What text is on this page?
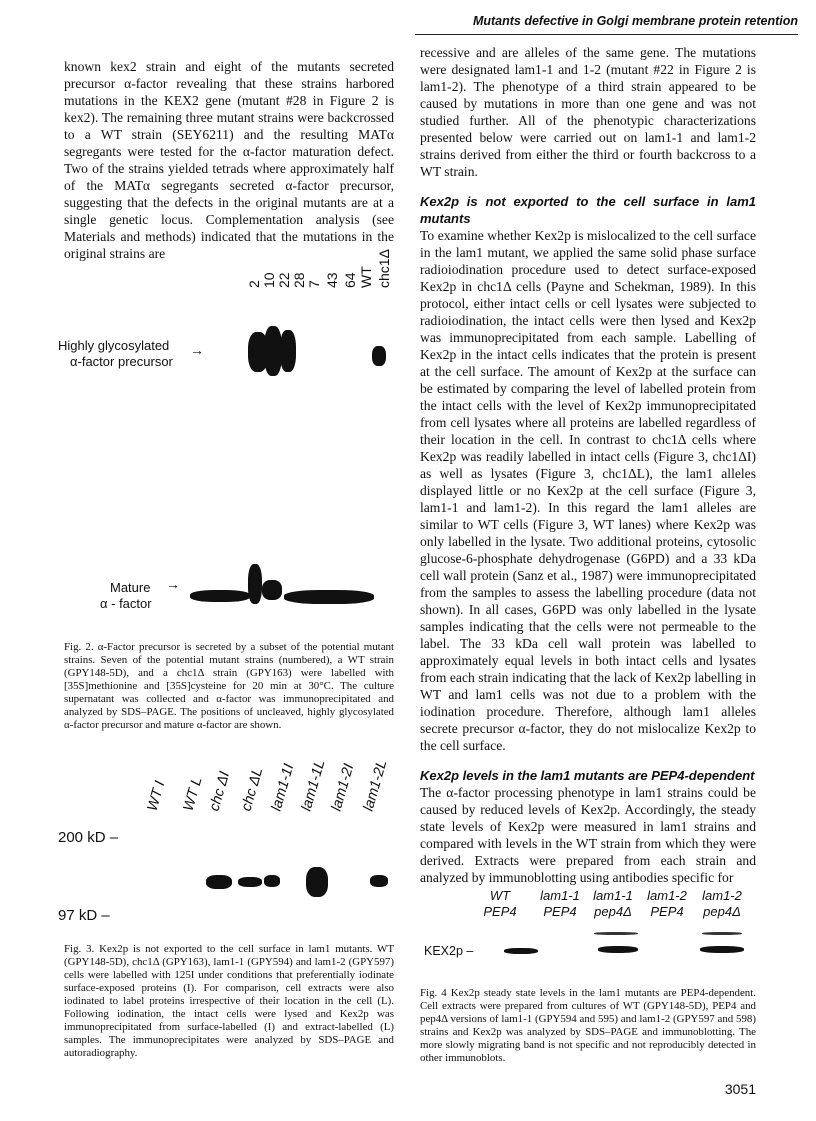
Mutants defective in Golgi membrane protein retention

known kex2 strain and eight of the mutants secreted precursor α-factor revealing that these strains harbored mutations in the KEX2 gene (mutant #28 in Figure 2 is kex2). The remaining three mutant strains were backcrossed to a WT strain (SEY6211) and the resulting MATα segregants were tested for the α-factor maturation defect. Two of the strains yielded tetrads where approximately half of the MATα segregants secreted α-factor precursor, suggesting that the defects in the original mutants are at a single genetic locus. Complementation analysis (see Materials and methods) indicated that the mutations in the original strains are

2 10 22 28 7 43 64 WT chc1Δ
Highly glycosylated
α-factor precursor
→
Mature
α - factor
→
Fig. 2. α-Factor precursor is secreted by a subset of the potential mutant strains. Seven of the potential mutant strains (numbered), a WT strain (GPY148-5D), and a chc1Δ strain (GPY163) were labelled with [35S]methionine and [35S]cysteine for 20 min at 30°C. The culture supernatant was collected and α-factor was immunoprecipitated and analyzed by SDS–PAGE. The positions of uncleaved, highly glycosylated α-factor precursor and mature α-factor are shown.
WT I WT L chc ΔI chc ΔL lam1-1I lam1-1L lam1-2I lam1-2L
200 kD –
97 kD –
Fig. 3. Kex2p is not exported to the cell surface in lam1 mutants. WT (GPY148-5D), chc1Δ (GPY163), lam1-1 (GPY594) and lam1-2 (GPY597) cells were labelled with 125I under conditions that preferentially iodinate surface-exposed proteins (I). For comparison, cell extracts were also iodinated to label proteins irrespective of their location in the cell (L). Following iodination, the intact cells were lysed and Kex2p was immunoprecipitated from surface-labelled (I) and extract-labelled (L) samples. The immunoprecipitates were analyzed by SDS–PAGE and autoradiography.

recessive and are alleles of the same gene. The mutations were designated lam1-1 and 1-2 (mutant #22 in Figure 2 is lam1-2). The phenotype of a third strain appeared to be caused by mutations in more than one gene and was not studied further. All of the phenotypic characterizations presented below were carried out on lam1-1 and lam1-2 strains derived from either the third or fourth backcross to a WT strain.

Kex2p is not exported to the cell surface in lam1 mutants

To examine whether Kex2p is mislocalized to the cell surface in the lam1 mutant, we applied the same solid phase surface radioiodination procedure used to detect surface-exposed Kex2p in chc1Δ cells (Payne and Schekman, 1989). In this protocol, either intact cells or cell lysates were subjected to radioiodination, the intact cells were then lysed and Kex2p was immunoprecipitated from each sample. Labelling of Kex2p in the intact cells indicates that the protein is present at the cell surface. The amount of Kex2p at the surface can be estimated by comparing the level of labelled protein from the intact cells with the level of Kex2p immunoprecipitated from cell lysates where all proteins are labelled regardless of their location in the cell. In contrast to chc1Δ cells where Kex2p was readily labelled in intact cells (Figure 3, chc1ΔI) as well as lysates (Figure 3, chc1ΔL), the lam1 alleles displayed little or no Kex2p at the cell surface (Figure 3, lam1-1 and lam1-2). In this regard the lam1 alleles are similar to WT cells (Figure 3, WT lanes) where Kex2p was only labelled in the lysate. Two additional proteins, cytosolic glucose-6-phosphate dehydrogenase (G6PD) and a 33 kDa cell wall protein (Sanz et al., 1987) were immunoprecipitated from the samples to assess the labelling procedure (data not shown). In all cases, G6PD was only labelled in the lysate samples indicating that the cells were not permeable to the label. The 33 kDa cell wall protein was labelled to approximately equal levels in both intact cells and lysates from each strain indicating that the lack of Kex2p labelling in WT and lam1 cells was not due to a problem with the iodination procedure. Therefore, although lam1 alleles secrete precursor α-factor, they do not mislocalize Kex2p to the cell surface.

Kex2p levels in the lam1 mutants are PEP4-dependent

The α-factor processing phenotype in lam1 strains could be caused by reduced levels of Kex2p. Accordingly, the steady state levels of Kex2p were measured in lam1 strains and compared with levels in the WT strain from which they were derived. Extracts were prepared from each strain and analyzed by immunoblotting using antibodies specific for

WT
PEP4
lam1-1
PEP4
lam1-1
pep4Δ
lam1-2
PEP4
lam1-2
pep4Δ
KEX2p –
Fig. 4 Kex2p steady state levels in the lam1 mutants are PEP4-dependent. Cell extracts were prepared from cultures of WT (GPY148-5D), PEP4 and pep4Δ versions of lam1-1 (GPY594 and 595) and lam1-2 (GPY597 and 598) strains and Kex2p was analyzed by SDS–PAGE and immunoblotting. The more slowly migrating band is not specific and not reproducibly detected in other immunoblots.
3051
